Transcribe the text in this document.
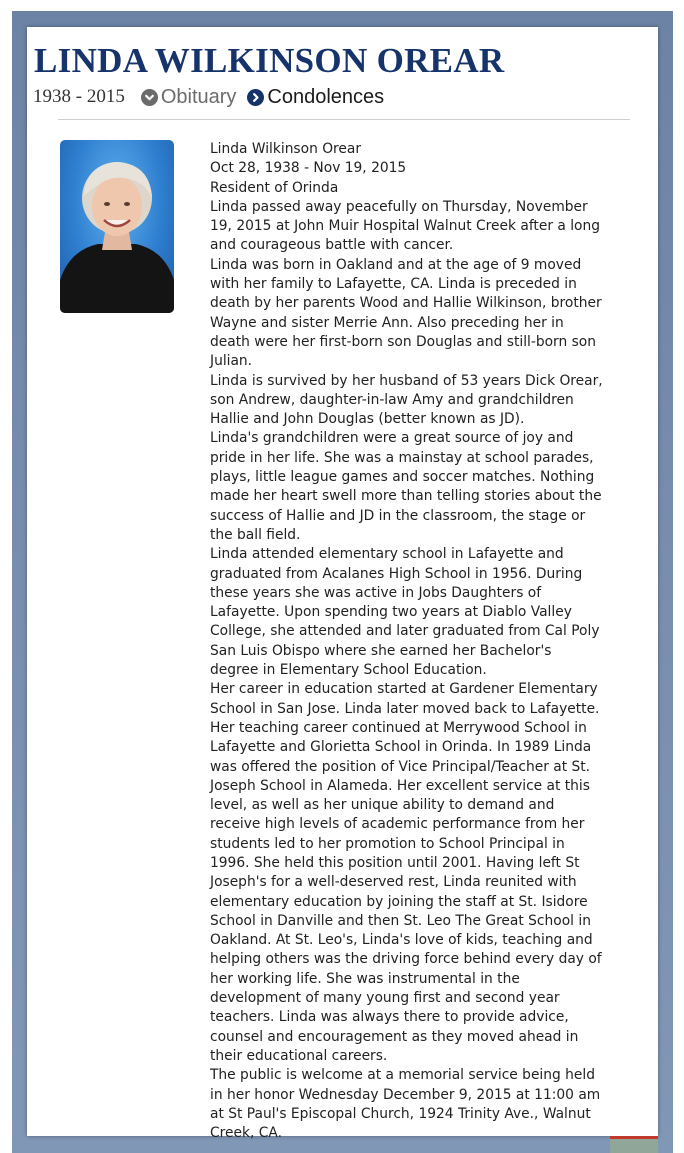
LINDA WILKINSON OREAR
1938 - 2015 Obituary Condolences

Linda Wilkinson Orear

Oct 28, 1938 - Nov 19, 2015

Resident of Orinda

Linda passed away peacefully on Thursday, November 19, 2015 at John Muir Hospital Walnut Creek after a long and courageous battle with cancer.

Linda was born in Oakland and at the age of 9 moved with her family to Lafayette, CA. Linda is preceded in death by her parents Wood and Hallie Wilkinson, brother Wayne and sister Merrie Ann. Also preceding her in death were her first-born son Douglas and still-born son Julian.

Linda is survived by her husband of 53 years Dick Orear, son Andrew, daughter-in-law Amy and grandchildren Hallie and John Douglas (better known as JD).

Linda's grandchildren were a great source of joy and pride in her life. She was a mainstay at school parades, plays, little league games and soccer matches. Nothing made her heart swell more than telling stories about the success of Hallie and JD in the classroom, the stage or the ball field.

Linda attended elementary school in Lafayette and graduated from Acalanes High School in 1956. During these years she was active in Jobs Daughters of Lafayette. Upon spending two years at Diablo Valley College, she attended and later graduated from Cal Poly San Luis Obispo where she earned her Bachelor's degree in Elementary School Education.

Her career in education started at Gardener Elementary School in San Jose. Linda later moved back to Lafayette. Her teaching career continued at Merrywood School in Lafayette and Glorietta School in Orinda. In 1989 Linda was offered the position of Vice Principal/Teacher at St. Joseph School in Alameda. Her excellent service at this level, as well as her unique ability to demand and receive high levels of academic performance from her students led to her promotion to School Principal in 1996. She held this position until 2001. Having left St Joseph's for a well-deserved rest, Linda reunited with elementary education by joining the staff at St. Isidore School in Danville and then St. Leo The Great School in Oakland. At St. Leo's, Linda's love of kids, teaching and helping others was the driving force behind every day of her working life. She was instrumental in the development of many young first and second year teachers. Linda was always there to provide advice, counsel and encouragement as they moved ahead in their educational careers.

The public is welcome at a memorial service being held in her honor Wednesday December 9, 2015 at 11:00 am at St Paul's Episcopal Church, 1924 Trinity Ave., Walnut Creek, CA.
